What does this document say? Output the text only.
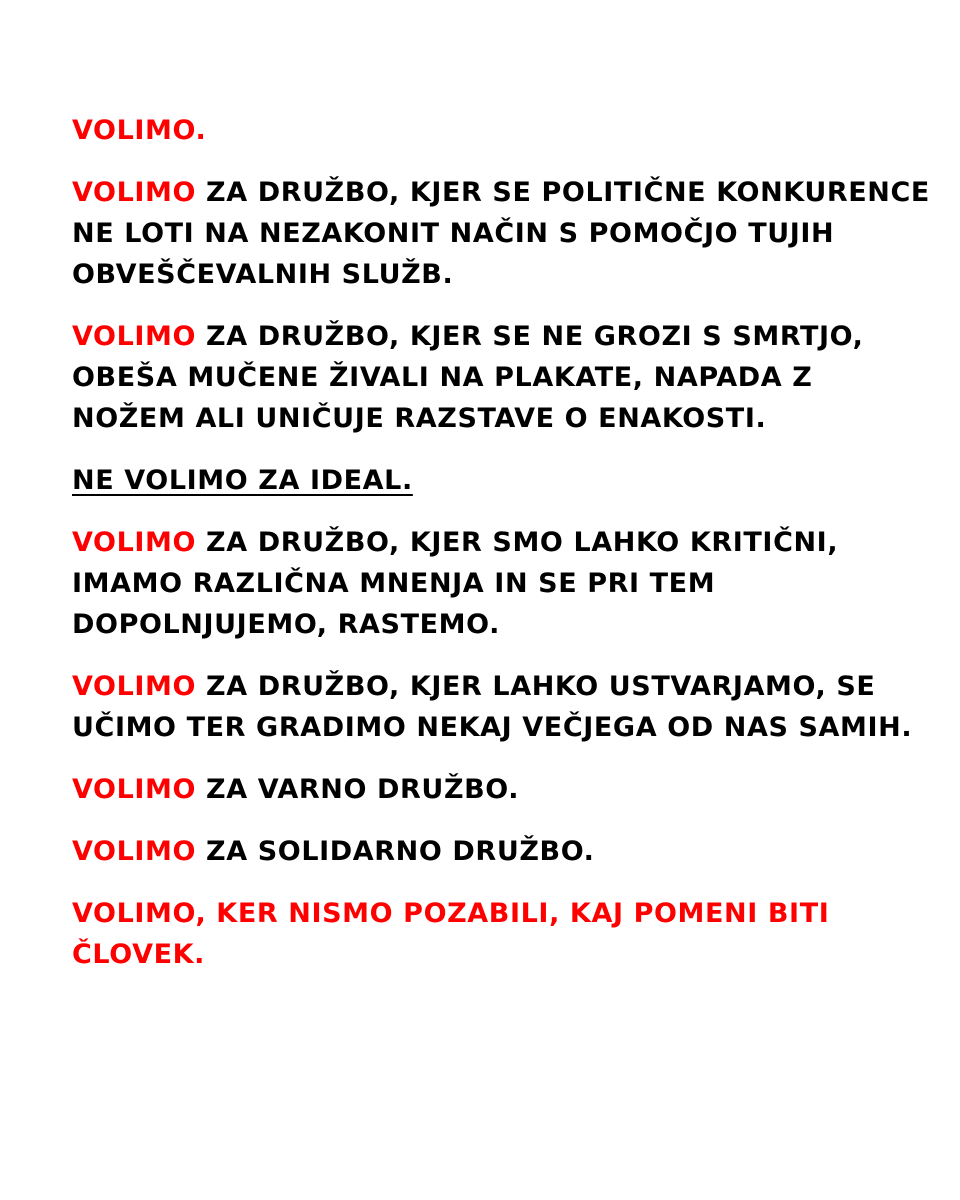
VOLIMO.

VOLIMO ZA DRUŽBO, KJER SE POLITIČNE KONKURENCE NE LOTI NA NEZAKONIT NAČIN S POMOČJO TUJIH OBVEŠČEVALNIH SLUŽB.

VOLIMO ZA DRUŽBO, KJER SE NE GROZI S SMRTJO, OBEŠA MUČENE ŽIVALI NA PLAKATE, NAPADA Z NOŽEM ALI UNIČUJE RAZSTAVE O ENAKOSTI.

NE VOLIMO ZA IDEAL.

VOLIMO ZA DRUŽBO, KJER SMO LAHKO KRITIČNI, IMAMO RAZLIČNA MNENJA IN SE PRI TEM DOPOLNJUJEMO, RASTEMO.

VOLIMO ZA DRUŽBO, KJER LAHKO USTVARJAMO, SE UČIMO TER GRADIMO NEKAJ VEČJEGA OD NAS SAMIH.

VOLIMO ZA VARNO DRUŽBO.

VOLIMO ZA SOLIDARNO DRUŽBO.

VOLIMO, KER NISMO POZABILI, KAJ POMENI BITI ČLOVEK.
